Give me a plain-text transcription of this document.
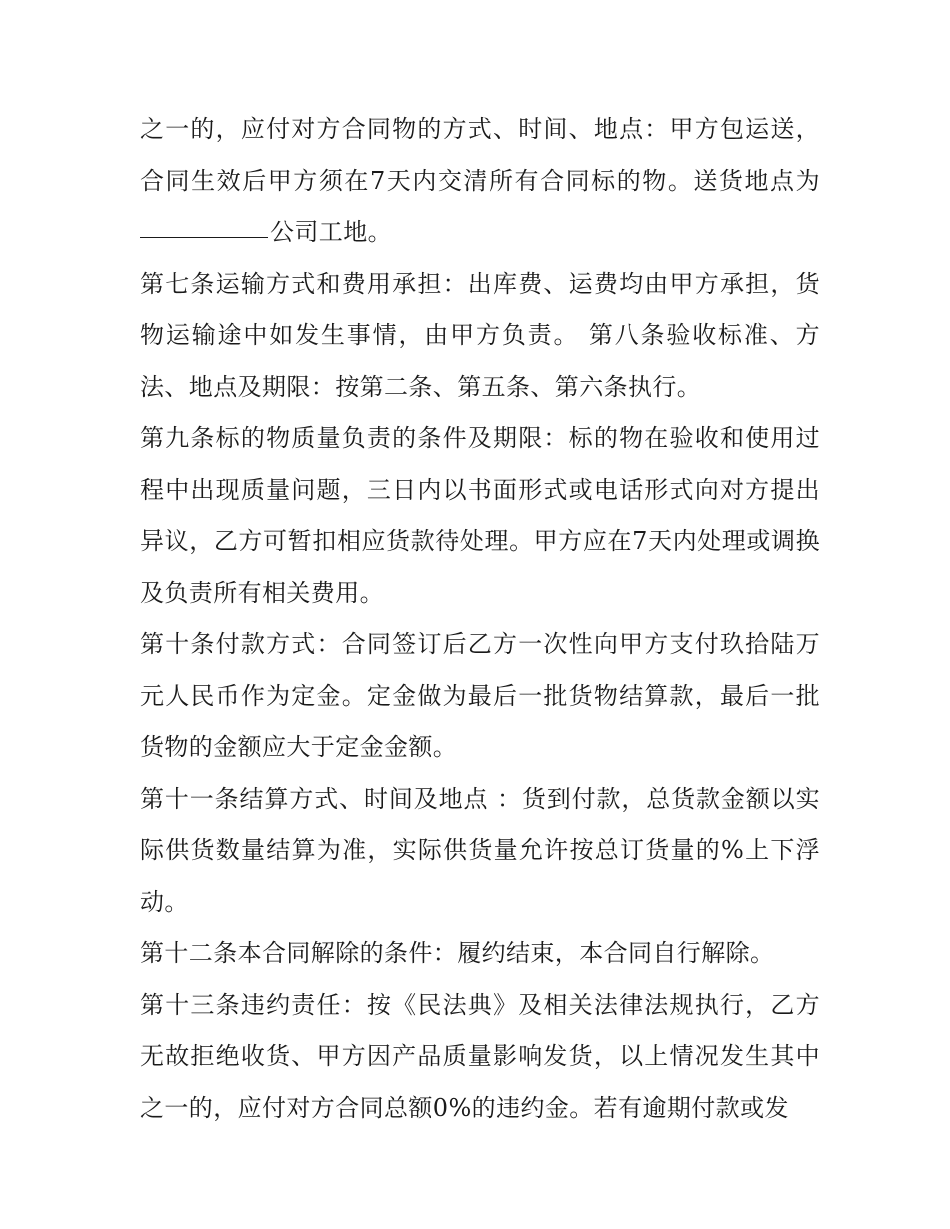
之一的，应付对方合同物的方式、时间、地点：甲方包运送，合同生效后甲方须在7天内交清所有合同标的物。送货地点为公司工地。

第七条运输方式和费用承担：出库费、运费均由甲方承担，货物运输途中如发生事情，由甲方负责。 第八条验收标准、方法、地点及期限：按第二条、第五条、第六条执行。

第九条标的物质量负责的条件及期限：标的物在验收和使用过程中出现质量问题，三日内以书面形式或电话形式向对方提出异议，乙方可暂扣相应货款待处理。甲方应在7天内处理或调换及负责所有相关费用。

第十条付款方式：合同签订后乙方一次性向甲方支付玖拾陆万元人民币作为定金。定金做为最后一批货物结算款，最后一批货物的金额应大于定金金额。

第十一条结算方式、时间及地点 ：货到付款，总货款金额以实际供货数量结算为准，实际供货量允许按总订货量的%上下浮动。

第十二条本合同解除的条件：履约结束，本合同自行解除。

第十三条违约责任：按《民法典》及相关法律法规执行，乙方无故拒绝收货、甲方因产品质量影响发货，以上情况发生其中之一的，应付对方合同总额0%的违约金。若有逾期付款或发
